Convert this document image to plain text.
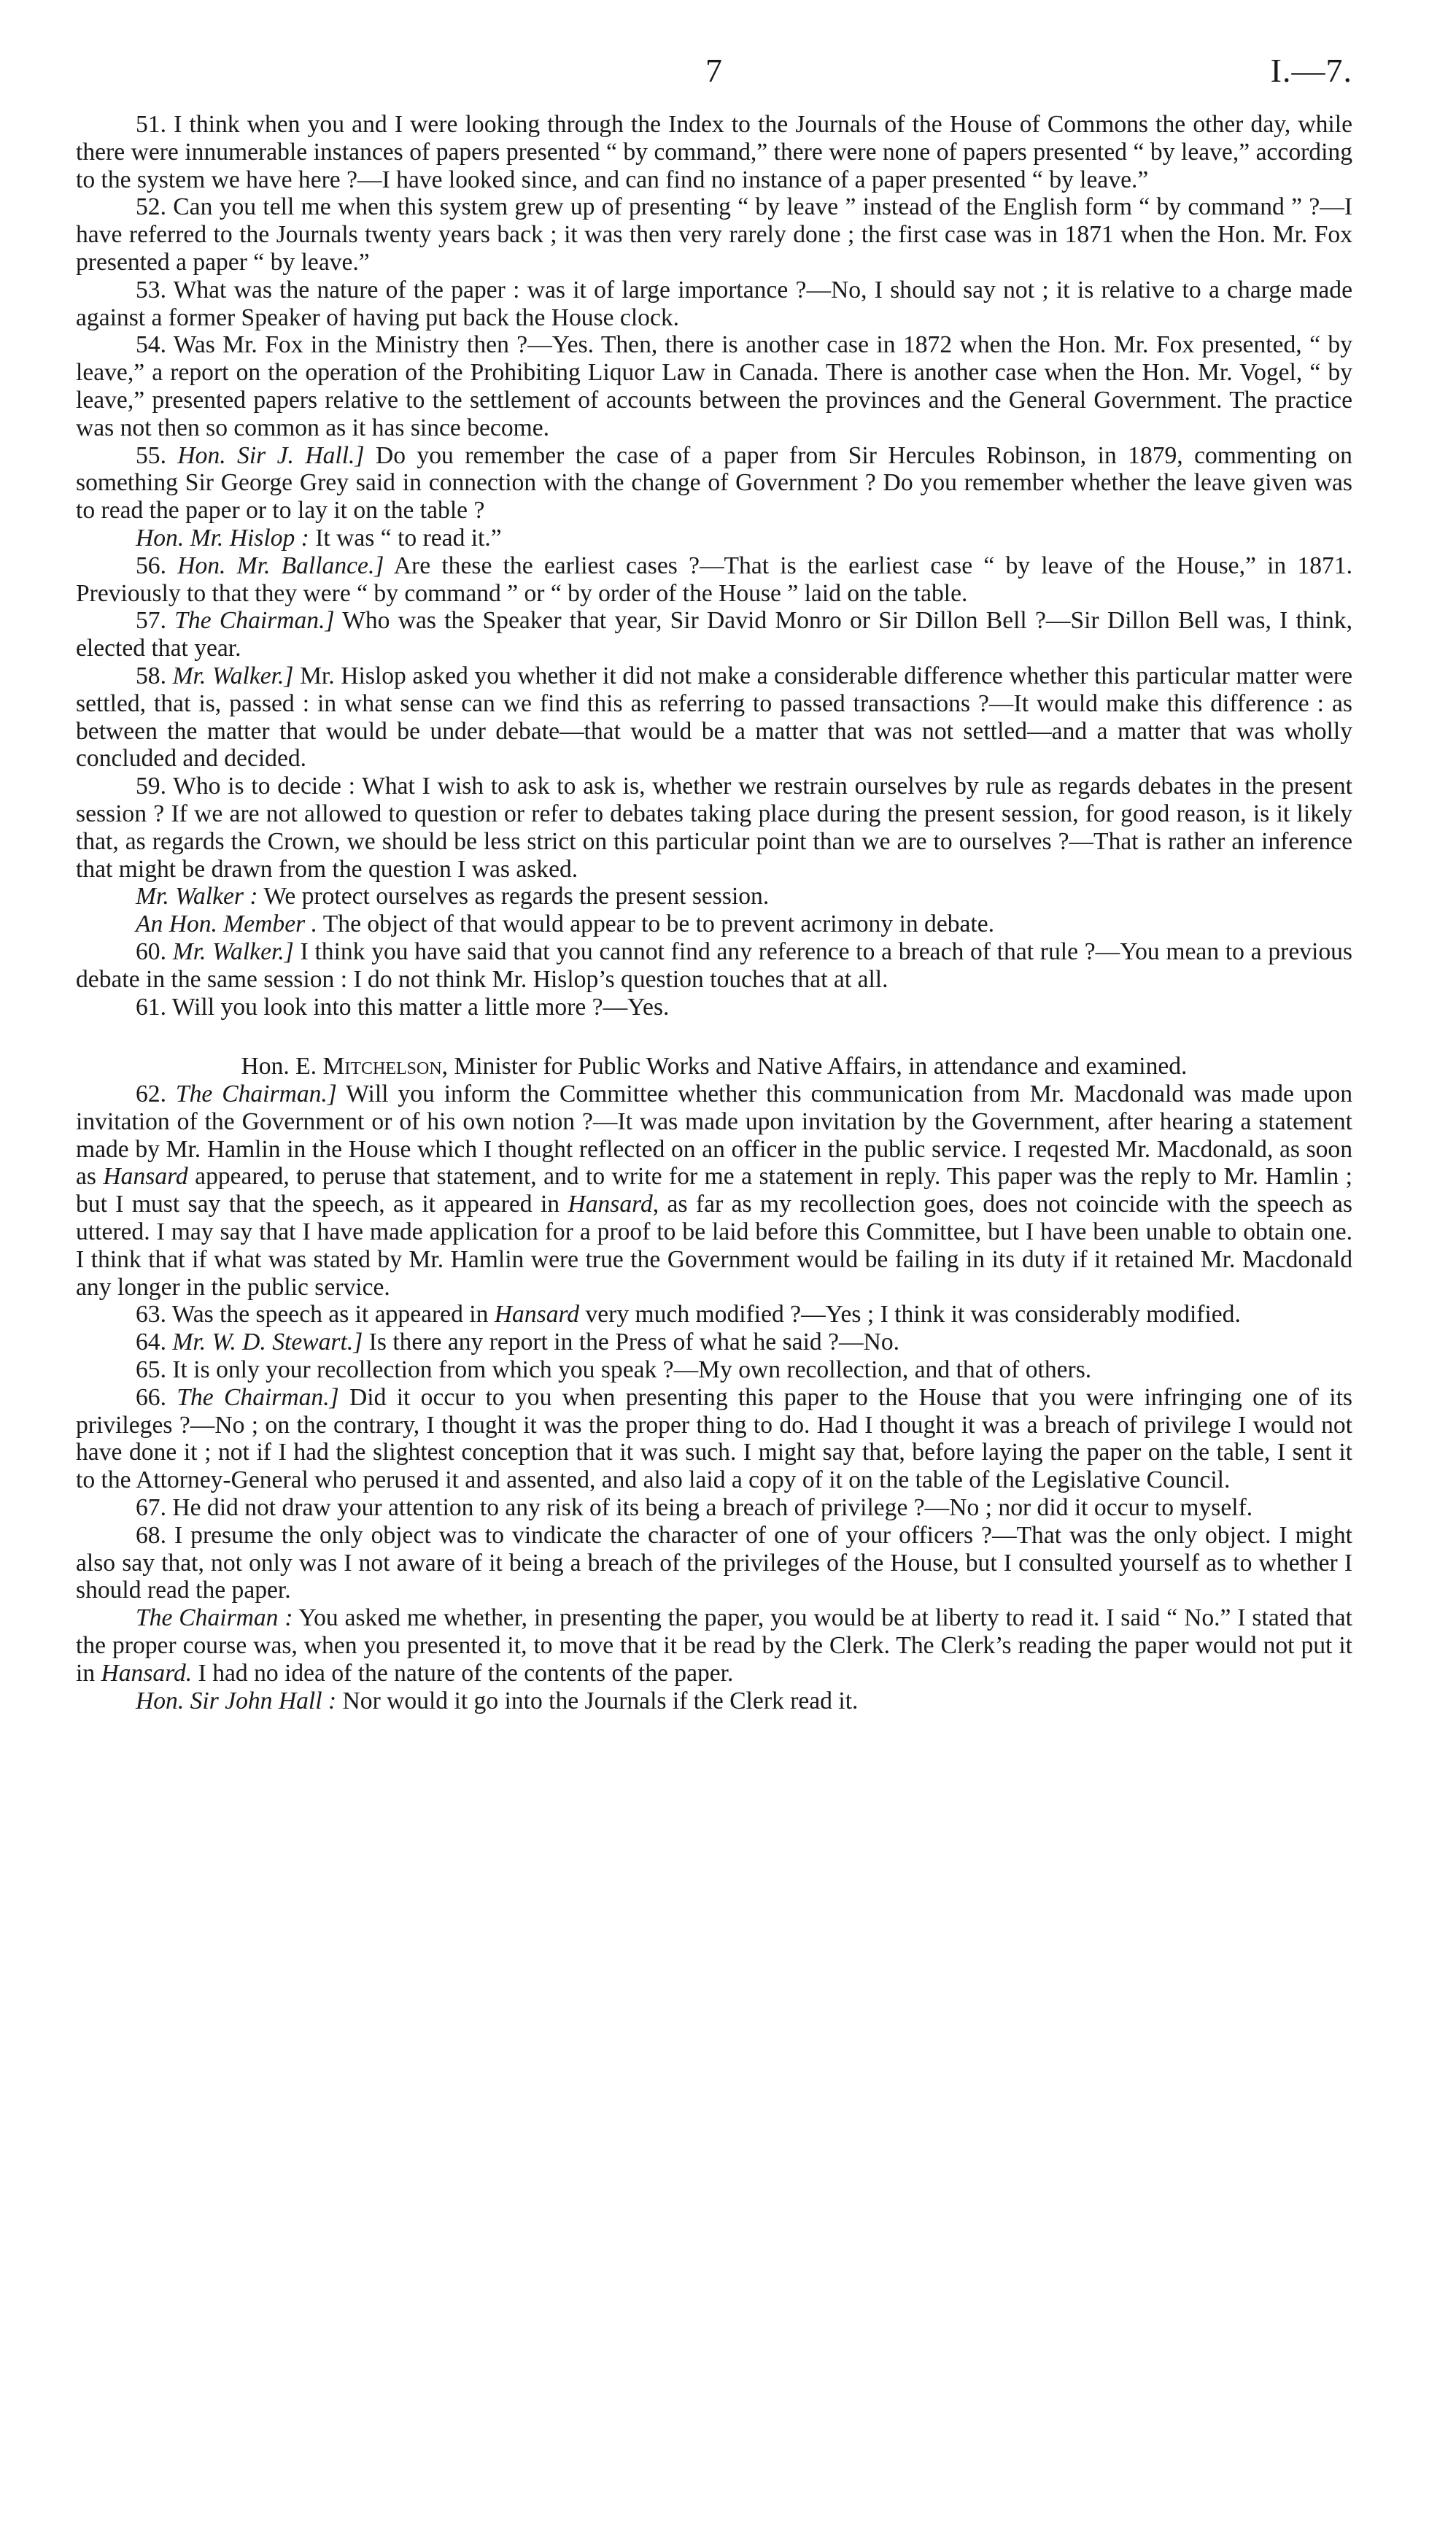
7	I.—7.

51. I think when you and I were looking through the Index to the Journals of the House of Commons the other day, while there were innumerable instances of papers presented “ by command,” there were none of papers presented “ by leave,” according to the system we have here ?—I have looked since, and can find no instance of a paper presented “ by leave.”

52. Can you tell me when this system grew up of presenting “ by leave ” instead of the English form “ by command ” ?—I have referred to the Journals twenty years back ; it was then very rarely done ; the first case was in 1871 when the Hon. Mr. Fox presented a paper “ by leave.”

53. What was the nature of the paper : was it of large importance ?—No, I should say not ; it is relative to a charge made against a former Speaker of having put back the House clock.

54. Was Mr. Fox in the Ministry then ?—Yes. Then, there is another case in 1872 when the Hon. Mr. Fox presented, “ by leave,” a report on the operation of the Prohibiting Liquor Law in Canada. There is another case when the Hon. Mr. Vogel, “ by leave,” presented papers relative to the settlement of accounts between the provinces and the General Government. The practice was not then so common as it has since become.

55. Hon. Sir J. Hall.] Do you remember the case of a paper from Sir Hercules Robinson, in 1879, commenting on something Sir George Grey said in connection with the change of Government ? Do you remember whether the leave given was to read the paper or to lay it on the table ?

Hon. Mr. Hislop : It was “ to read it.”

56. Hon. Mr. Ballance.] Are these the earliest cases ?—That is the earliest case “ by leave of the House,” in 1871. Previously to that they were “ by command ” or “ by order of the House ” laid on the table.

57. The Chairman.] Who was the Speaker that year, Sir David Monro or Sir Dillon Bell ?—Sir Dillon Bell was, I think, elected that year.

58. Mr. Walker.] Mr. Hislop asked you whether it did not make a considerable difference whether this particular matter were settled, that is, passed : in what sense can we find this as referring to passed transactions ?—It would make this difference : as between the matter that would be under debate—that would be a matter that was not settled—and a matter that was wholly concluded and decided.

59. Who is to decide : What I wish to ask to ask is, whether we restrain ourselves by rule as regards debates in the present session ? If we are not allowed to question or refer to debates taking place during the present session, for good reason, is it likely that, as regards the Crown, we should be less strict on this particular point than we are to ourselves ?—That is rather an inference that might be drawn from the question I was asked.

Mr. Walker : We protect ourselves as regards the present session.

An Hon. Member . The object of that would appear to be to prevent acrimony in debate.

60. Mr. Walker.] I think you have said that you cannot find any reference to a breach of that rule ?—You mean to a previous debate in the same session : I do not think Mr. Hislop’s question touches that at all.

61. Will you look into this matter a little more ?—Yes.

Hon. E. Mitchelson, Minister for Public Works and Native Affairs, in attendance and examined.

62. The Chairman.] Will you inform the Committee whether this communication from Mr. Macdonald was made upon invitation of the Government or of his own notion ?—It was made upon invitation by the Government, after hearing a statement made by Mr. Hamlin in the House which I thought reflected on an officer in the public service. I reqested Mr. Macdonald, as soon as Hansard appeared, to peruse that statement, and to write for me a statement in reply. This paper was the reply to Mr. Hamlin ; but I must say that the speech, as it appeared in Hansard, as far as my recollection goes, does not coincide with the speech as uttered. I may say that I have made application for a proof to be laid before this Committee, but I have been unable to obtain one. I think that if what was stated by Mr. Hamlin were true the Government would be failing in its duty if it retained Mr. Macdonald any longer in the public service.

63. Was the speech as it appeared in Hansard very much modified ?—Yes ; I think it was considerably modified.

64. Mr. W. D. Stewart.] Is there any report in the Press of what he said ?—No.

65. It is only your recollection from which you speak ?—My own recollection, and that of others.

66. The Chairman.] Did it occur to you when presenting this paper to the House that you were infringing one of its privileges ?—No ; on the contrary, I thought it was the proper thing to do. Had I thought it was a breach of privilege I would not have done it ; not if I had the slightest conception that it was such. I might say that, before laying the paper on the table, I sent it to the Attorney-General who perused it and assented, and also laid a copy of it on the table of the Legislative Council.

67. He did not draw your attention to any risk of its being a breach of privilege ?—No ; nor did it occur to myself.

68. I presume the only object was to vindicate the character of one of your officers ?—That was the only object. I might also say that, not only was I not aware of it being a breach of the privileges of the House, but I consulted yourself as to whether I should read the paper.

The Chairman : You asked me whether, in presenting the paper, you would be at liberty to read it. I said “ No.” I stated that the proper course was, when you presented it, to move that it be read by the Clerk. The Clerk’s reading the paper would not put it in Hansard. I had no idea of the nature of the contents of the paper.

Hon. Sir John Hall : Nor would it go into the Journals if the Clerk read it.
